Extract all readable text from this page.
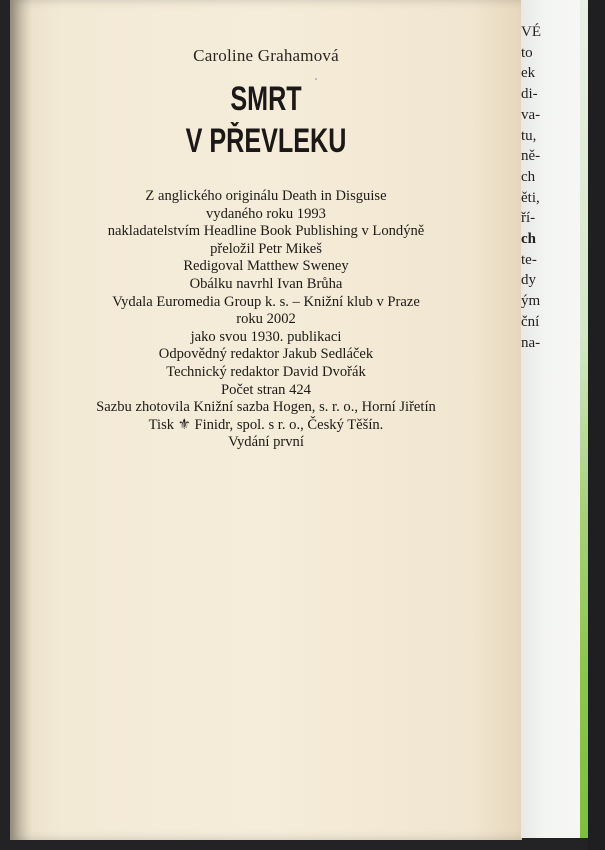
VÉ
to
ek
di-
va-
tu,
ně-
ch
ěti,
ří-
ch
te-
dy
ým
ční
na-
Caroline Grahamová
SMRT
V PŘEVLEKU
Z anglického originálu Death in Disguise
vydaného roku 1993
nakladatelstvím Headline Book Publishing v Londýně
přeložil Petr Mikeš
Redigoval Matthew Sweney
Obálku navrhl Ivan Brůha
Vydala Euromedia Group k. s. – Knižní klub v Praze
roku 2002
jako svou 1930. publikaci
Odpovědný redaktor Jakub Sedláček
Technický redaktor David Dvořák
Počet stran 424
Sazbu zhotovila Knižní sazba Hogen, s. r. o., Horní Jiřetín
Tisk ⚜ Finidr, spol. s r. o., Český Těšín.
Vydání první
